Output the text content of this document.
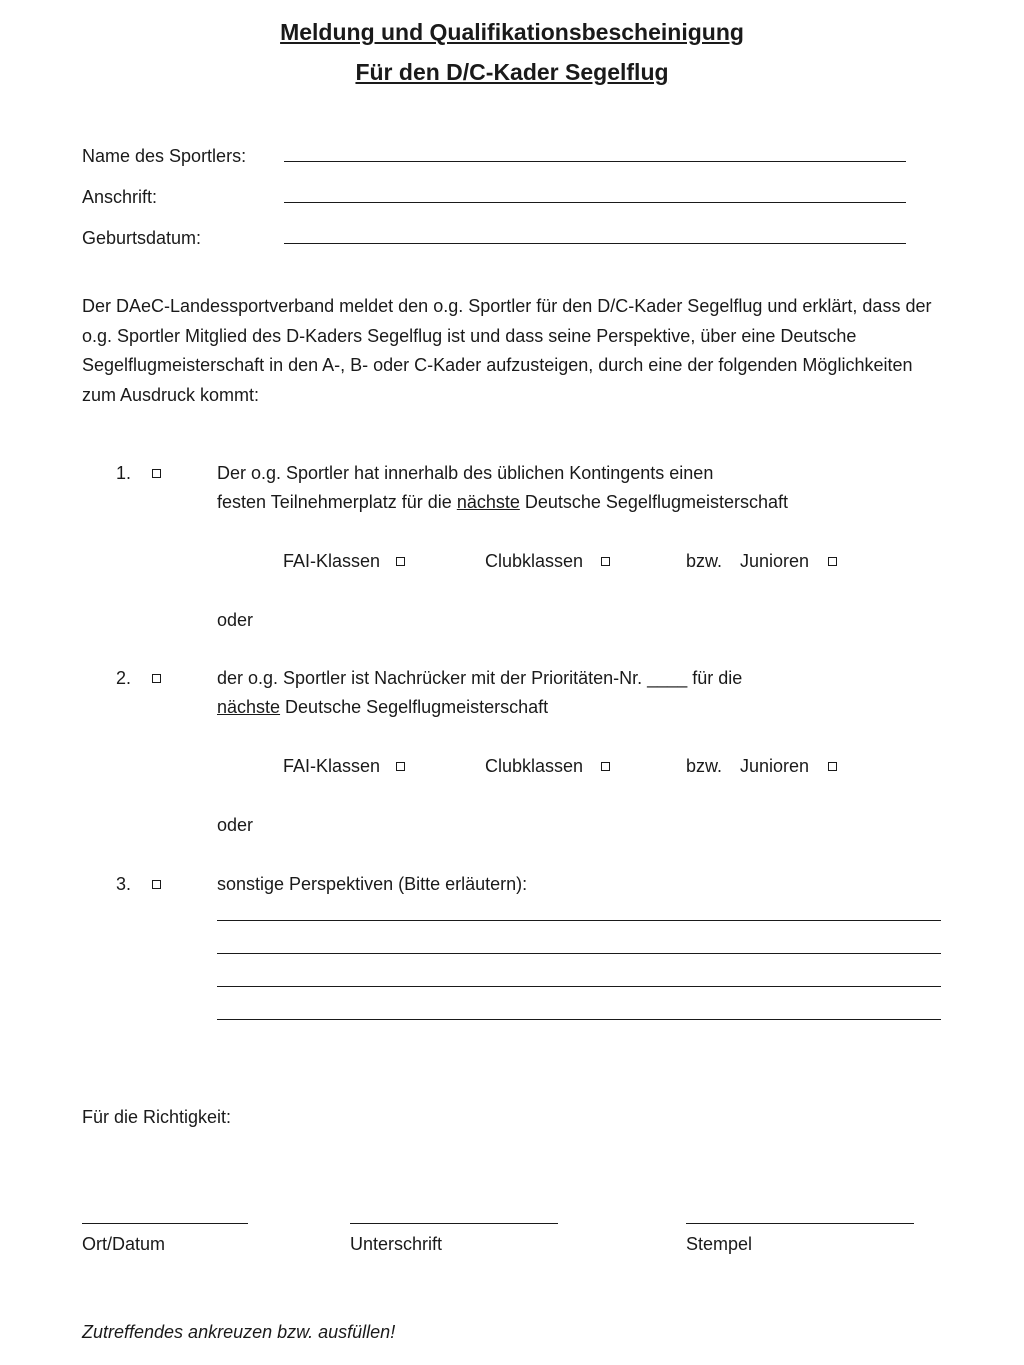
Meldung und Qualifikationsbescheinigung
Für den D/C-Kader Segelflug
Name des Sportlers:
Anschrift:
Geburtsdatum:
Der DAeC-Landessportverband meldet den o.g. Sportler für den D/C-Kader Segelflug und erklärt, dass der o.g. Sportler Mitglied des D-Kaders Segelflug ist und dass seine Perspektive, über eine Deutsche Segelflugmeisterschaft in den A-, B- oder C-Kader aufzusteigen, durch eine der folgenden Möglichkeiten zum Ausdruck kommt:
1.	Der o.g. Sportler hat innerhalb des üblichen Kontingents einen
festen Teilnehmerplatz für die nächste Deutsche Segelflugmeisterschaft
FAI-Klassen	Clubklassen	bzw. Junioren
oder
2.	der o.g. Sportler ist Nachrücker mit der Prioritäten-Nr. ____ für die
nächste Deutsche Segelflugmeisterschaft
FAI-Klassen	Clubklassen	bzw. Junioren
oder
3.	sonstige Perspektiven (Bitte erläutern):
Für die Richtigkeit:
Ort/Datum	Unterschrift	Stempel
Zutreffendes ankreuzen bzw. ausfüllen!
